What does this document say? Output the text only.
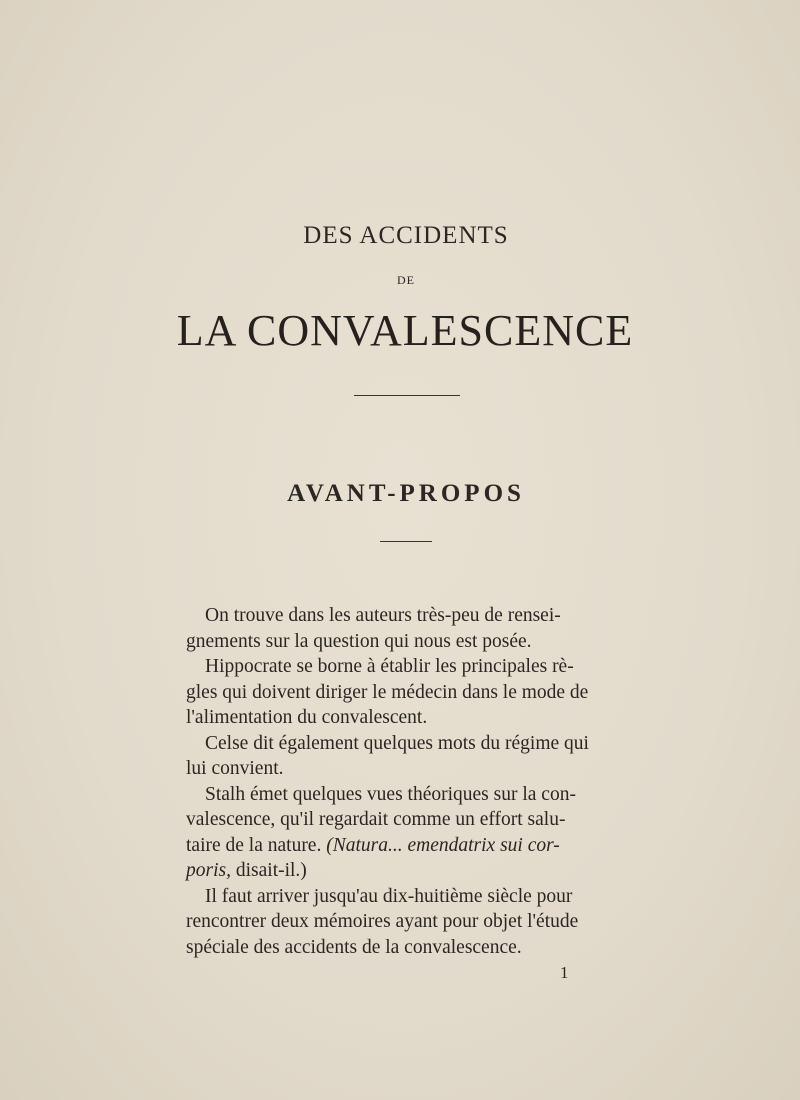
DES ACCIDENTS
DE
LA CONVALESCENCE
AVANT-PROPOS
On trouve dans les auteurs très-peu de rensei-
gnements sur la question qui nous est posée.
Hippocrate se borne à établir les principales rè-
gles qui doivent diriger le médecin dans le mode de
l'alimentation du convalescent.
Celse dit également quelques mots du régime qui
lui convient.
Stalh émet quelques vues théoriques sur la con-
valescence, qu'il regardait comme un effort salu-
taire de la nature. (Natura... emendatrix sui cor-
poris, disait-il.)
Il faut arriver jusqu'au dix-huitième siècle pour
rencontrer deux mémoires ayant pour objet l'étude
spéciale des accidents de la convalescence.
1
